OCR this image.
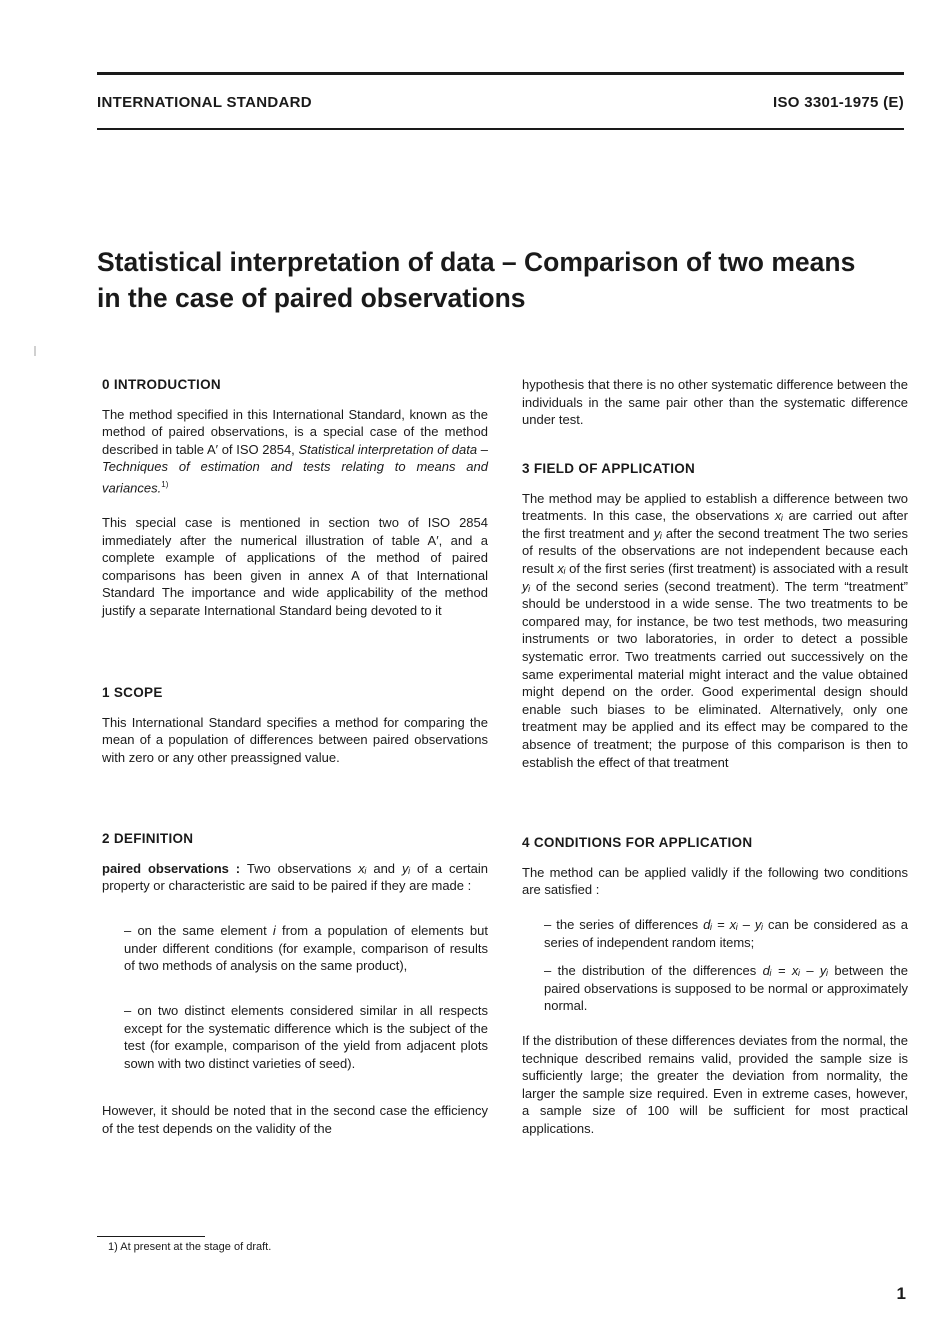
INTERNATIONAL STANDARD	ISO 3301-1975 (E)
Statistical interpretation of data – Comparison of two means
in the case of paired observations
0 INTRODUCTION

The method specified in this International Standard, known as the method of paired observations, is a special case of the method described in table A′ of ISO 2854, Statistical interpretation of data – Techniques of estimation and tests relating to means and variances.$^{1)}$

This special case is mentioned in section two of ISO 2854 immediately after the numerical illustration of table A′, and a complete example of applications of the method of paired comparisons has been given in annex A of that International Standard The importance and wide applicability of the method justify a separate International Standard being devoted to it

1 SCOPE

This International Standard specifies a method for comparing the mean of a population of differences between paired observations with zero or any other preassigned value.

2 DEFINITION

paired observations : Two observations xᵢ and yᵢ of a certain property or characteristic are said to be paired if they are made :

– on the same element i from a population of elements but under different conditions (for example, comparison of results of two methods of analysis on the same product),

– on two distinct elements considered similar in all respects except for the systematic difference which is the subject of the test (for example, comparison of the yield from adjacent plots sown with two distinct varieties of seed).

However, it should be noted that in the second case the efficiency of the test depends on the validity of the

hypothesis that there is no other systematic difference between the individuals in the same pair other than the systematic difference under test.

3 FIELD OF APPLICATION

The method may be applied to establish a difference between two treatments. In this case, the observations xᵢ are carried out after the first treatment and yᵢ after the second treatment The two series of results of the observations are not independent because each result xᵢ of the first series (first treatment) is associated with a result yᵢ of the second series (second treatment). The term “treatment” should be understood in a wide sense. The two treatments to be compared may, for instance, be two test methods, two measuring instruments or two laboratories, in order to detect a possible systematic error. Two treatments carried out successively on the same experimental material might interact and the value obtained might depend on the order. Good experimental design should enable such biases to be eliminated. Alternatively, only one treatment may be applied and its effect may be compared to the absence of treatment; the purpose of this comparison is then to establish the effect of that treatment

4 CONDITIONS FOR APPLICATION

The method can be applied validly if the following two conditions are satisfied :

– the series of differences dᵢ = xᵢ – yᵢ can be considered as a series of independent random items;

– the distribution of the differences dᵢ = xᵢ – yᵢ between the paired observations is supposed to be normal or approximately normal.

If the distribution of these differences deviates from the normal, the technique described remains valid, provided the sample size is sufficiently large; the greater the deviation from normality, the larger the sample size required. Even in extreme cases, however, a sample size of 100 will be sufficient for most practical applications.

1) At present at the stage of draft.
1
